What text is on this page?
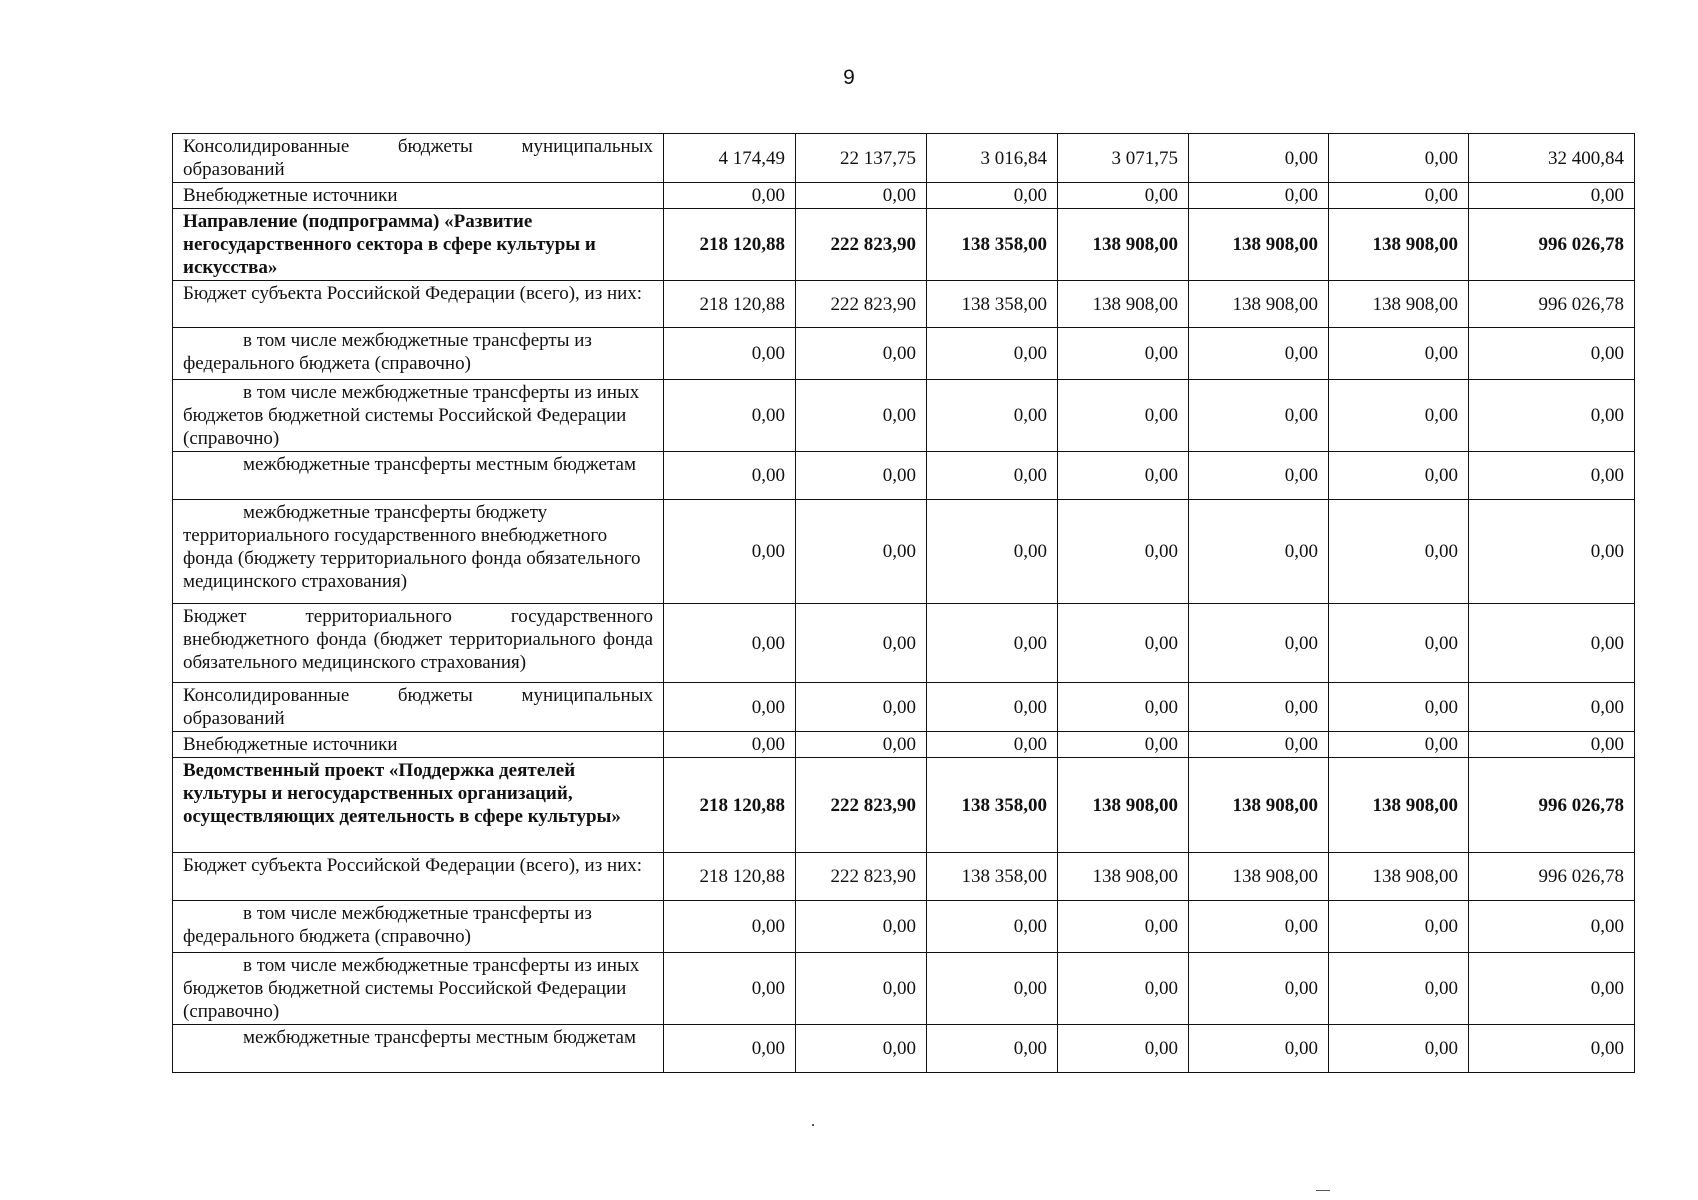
9
Консолидированные бюджеты муниципальных образований	4 174,49	22 137,75	3 016,84	3 071,75	0,00	0,00	32 400,84
Внебюджетные источники	0,00	0,00	0,00	0,00	0,00	0,00	0,00
Направление (подпрограмма) «Развитие негосударственного сектора в сфере культуры и искусства»	218 120,88	222 823,90	138 358,00	138 908,00	138 908,00	138 908,00	996 026,78
Бюджет субъекта Российской Федерации (всего), из них:	218 120,88	222 823,90	138 358,00	138 908,00	138 908,00	138 908,00	996 026,78
в том числе межбюджетные трансферты из федерального бюджета (справочно)	0,00	0,00	0,00	0,00	0,00	0,00	0,00
в том числе межбюджетные трансферты из иных бюджетов бюджетной системы Российской Федерации (справочно)	0,00	0,00	0,00	0,00	0,00	0,00	0,00
межбюджетные трансферты местным бюджетам	0,00	0,00	0,00	0,00	0,00	0,00	0,00
межбюджетные трансферты бюджету территориального государственного внебюджетного фонда (бюджету территориального фонда обязательного медицинского страхования)	0,00	0,00	0,00	0,00	0,00	0,00	0,00
Бюджет территориального государственного внебюджетного фонда (бюджет территориального фонда обязательного медицинского страхования)	0,00	0,00	0,00	0,00	0,00	0,00	0,00
Консолидированные бюджеты муниципальных образований	0,00	0,00	0,00	0,00	0,00	0,00	0,00
Внебюджетные источники	0,00	0,00	0,00	0,00	0,00	0,00	0,00
Ведомственный проект «Поддержка деятелей культуры и негосударственных организаций, осуществляющих деятельность в сфере культуры»	218 120,88	222 823,90	138 358,00	138 908,00	138 908,00	138 908,00	996 026,78
Бюджет субъекта Российской Федерации (всего), из них:	218 120,88	222 823,90	138 358,00	138 908,00	138 908,00	138 908,00	996 026,78
в том числе межбюджетные трансферты из федерального бюджета (справочно)	0,00	0,00	0,00	0,00	0,00	0,00	0,00
в том числе межбюджетные трансферты из иных бюджетов бюджетной системы Российской Федерации (справочно)	0,00	0,00	0,00	0,00	0,00	0,00	0,00
межбюджетные трансферты местным бюджетам	0,00	0,00	0,00	0,00	0,00	0,00	0,00
